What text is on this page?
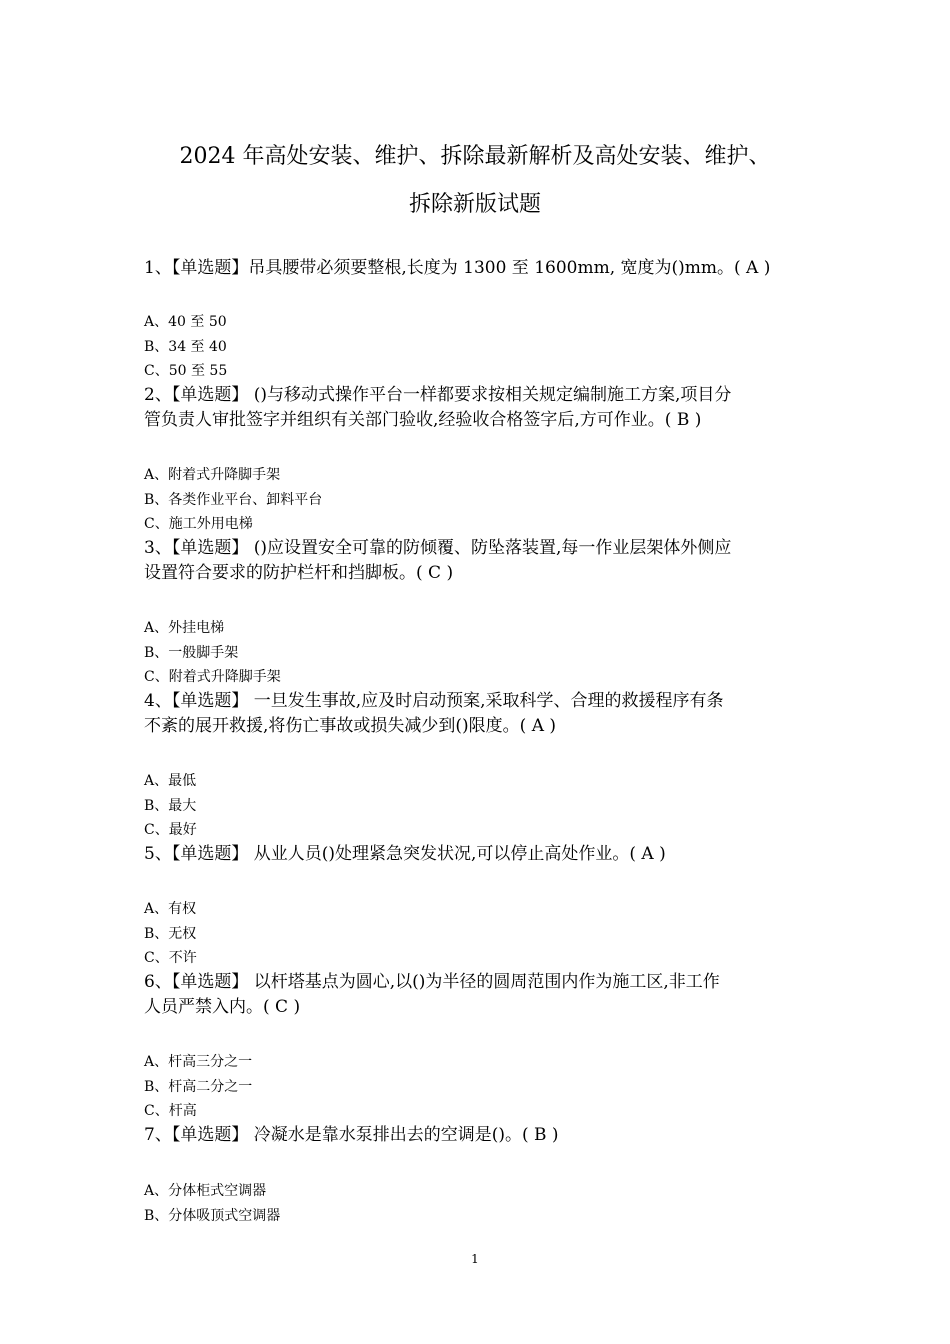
2024 年高处安装、维护、拆除最新解析及高处安装、维护、
拆除新版试题
1、【单选题】吊具腰带必须要整根,长度为 1300 至 1600mm, 宽度为()mm。( A )
A、40 至 50
B、34 至 40
C、50 至 55
2、【单选题】 ()与移动式操作平台一样都要求按相关规定编制施工方案,项目分
管负责人审批签字并组织有关部门验收,经验收合格签字后,方可作业。( B )
A、附着式升降脚手架
B、各类作业平台、卸料平台
C、施工外用电梯
3、【单选题】 ()应设置安全可靠的防倾覆、防坠落装置,每一作业层架体外侧应
设置符合要求的防护栏杆和挡脚板。( C )
A、外挂电梯
B、一般脚手架
C、附着式升降脚手架
4、【单选题】 一旦发生事故,应及时启动预案,采取科学、合理的救援程序有条
不紊的展开救援,将伤亡事故或损失减少到()限度。( A )
A、最低
B、最大
C、最好
5、【单选题】 从业人员()处理紧急突发状况,可以停止高处作业。( A )
A、有权
B、无权
C、不许
6、【单选题】 以杆塔基点为圆心,以()为半径的圆周范围内作为施工区,非工作
人员严禁入内。( C )
A、杆高三分之一
B、杆高二分之一
C、杆高
7、【单选题】 冷凝水是靠水泵排出去的空调是()。( B )
A、分体柜式空调器
B、分体吸顶式空调器
1
